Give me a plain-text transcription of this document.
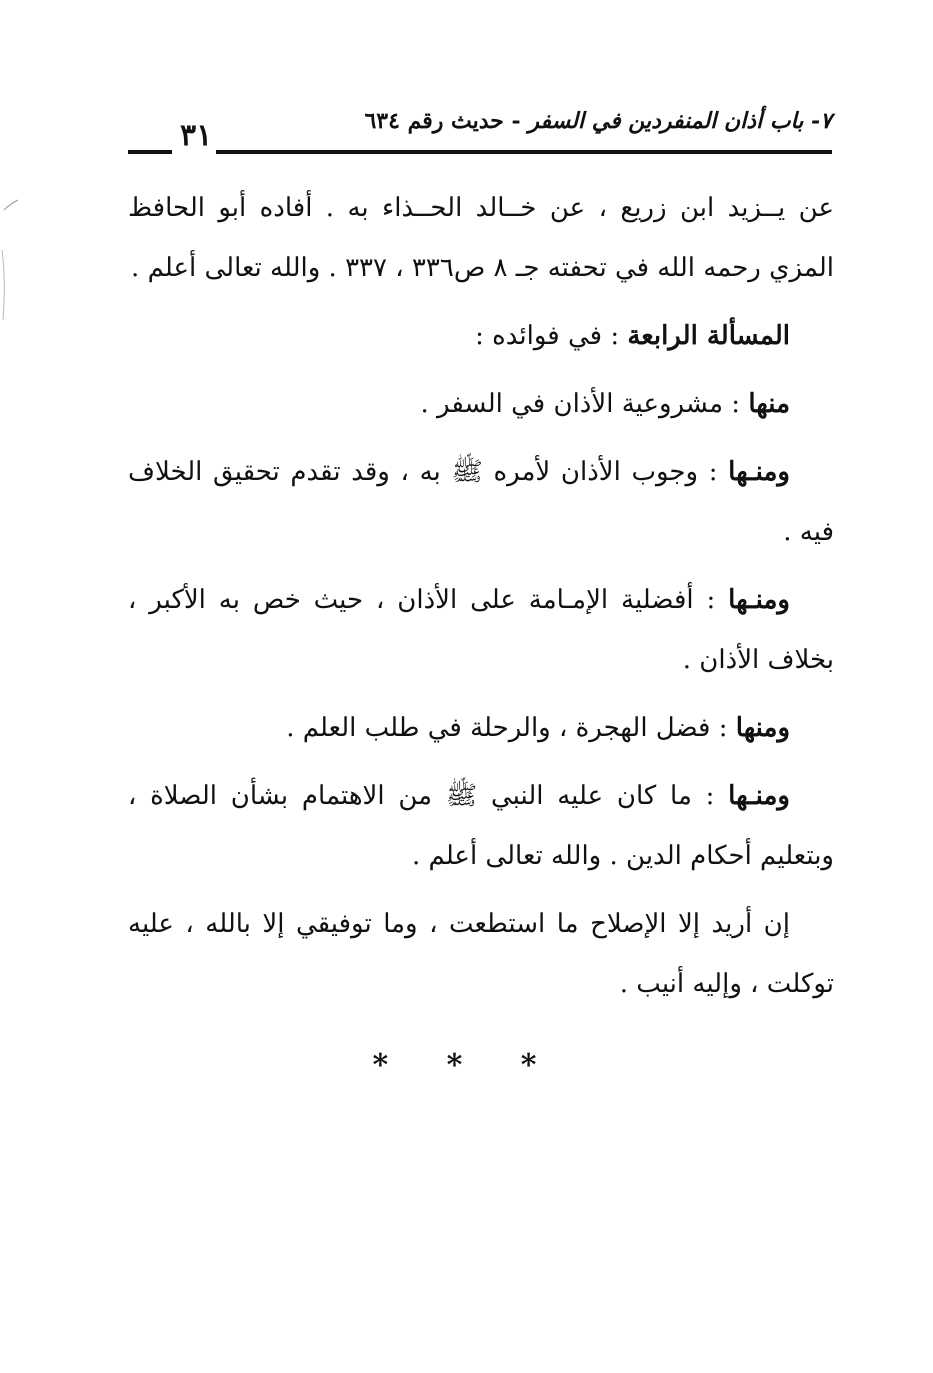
٧- باب أذان المنفردين في السفر - حديث رقم ٦٣٤
٣١

عن يــزيد ابن زريع ، عن خــالد الحــذاء به . أفاده أبو الحافظ المزي رحمه الله في تحفته جـ ٨ ص٣٣٦ ، ٣٣٧ . والله تعالى أعلم .

المسألة الرابعة : في فوائده :

منها : مشروعية الأذان في السفر .

ومنـها : وجوب الأذان لأمره ﷺ به ، وقد تقدم تحقيق الخلاف فيه .

ومنـها : أفضلية الإمـامة على الأذان ، حيث خص به الأكبر ، بخلاف الأذان .

ومنها : فضل الهجرة ، والرحلة في طلب العلم .

ومنـها : ما كان عليه النبي ﷺ من الاهتمام بشأن الصلاة ، وبتعليم أحكام الدين . والله تعالى أعلم .

إن أريد إلا الإصلاح ما استطعت ، وما توفيقي إلا بالله ، عليه توكلت ، وإليه أنيب .

* * *
